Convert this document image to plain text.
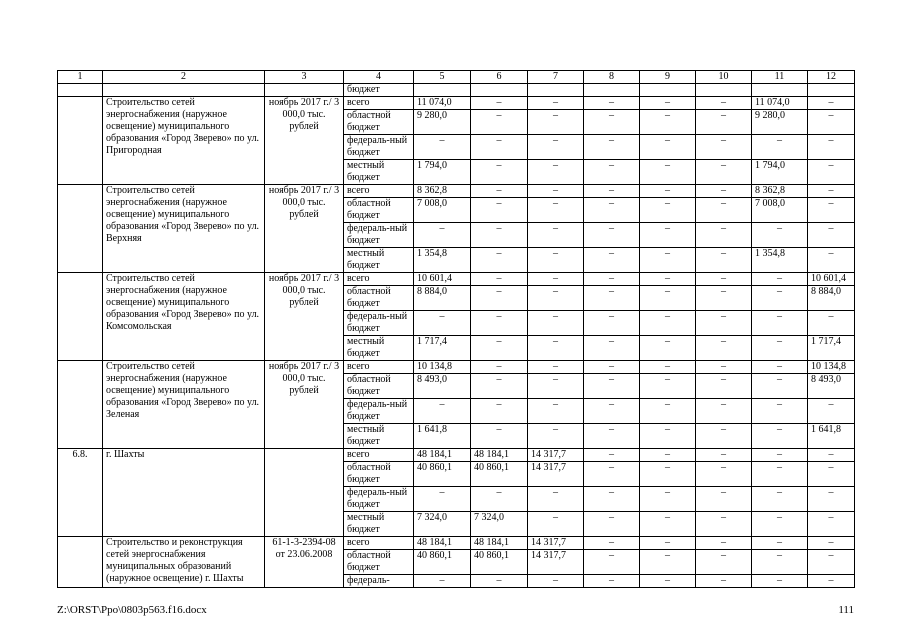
1	2	3	4	5	6	7	8	9	10	11	12
			бюджет								
	Строительство сетей энергоснабжения (наружное освещение) муниципального образования «Город Зверево» по ул. Пригородная	ноябрь 2017 г./ 3 000,0 тыс. рублей	всего	11 074,0	–	–	–	–	–	11 074,0	–
			областной бюджет	9 280,0	–	–	–	–	–	9 280,0	–
			федераль-ный бюджет	–	–	–	–	–	–	–	–
			местный бюджет	1 794,0	–	–	–	–	–	1 794,0	–
	Строительство сетей энергоснабжения (наружное освещение) муниципального образования «Город Зверево» по ул. Верхняя	ноябрь 2017 г./ 3 000,0 тыс. рублей	всего	8 362,8	–	–	–	–	–	8 362,8	–
			областной бюджет	7 008,0	–	–	–	–	–	7 008,0	–
			федераль-ный бюджет	–	–	–	–	–	–	–	–
			местный бюджет	1 354,8	–	–	–	–	–	1 354,8	–
	Строительство сетей энергоснабжения (наружное освещение) муниципального образования «Город Зверево» по ул. Комсомольская	ноябрь 2017 г./ 3 000,0 тыс. рублей	всего	10 601,4	–	–	–	–	–	–	10 601,4
			областной бюджет	8 884,0	–	–	–	–	–	–	8 884,0
			федераль-ный бюджет	–	–	–	–	–	–	–	–
			местный бюджет	1 717,4	–	–	–	–	–	–	1 717,4
	Строительство сетей энергоснабжения (наружное освещение) муниципального образования «Город Зверево» по ул. Зеленая	ноябрь 2017 г./ 3 000,0 тыс. рублей	всего	10 134,8	–	–	–	–	–	–	10 134,8
			областной бюджет	8 493,0	–	–	–	–	–	–	8 493,0
			федераль-ный бюджет	–	–	–	–	–	–	–	–
			местный бюджет	1 641,8	–	–	–	–	–	–	1 641,8
6.8.	г. Шахты		всего	48 184,1	48 184,1	14 317,7	–	–	–	–	–
			областной бюджет	40 860,1	40 860,1	14 317,7	–	–	–	–	–
			федераль-ный бюджет	–	–	–	–	–	–	–	–
			местный бюджет	7 324,0	7 324,0	–	–	–	–	–	–
	Строительство и реконструкция сетей энергоснабжения муниципальных образований (наружное освещение) г. Шахты	61-1-3-2394-08 от 23.06.2008	всего	48 184,1	48 184,1	14 317,7	–	–	–	–	–
			областной бюджет	40 860,1	40 860,1	14 317,7	–	–	–	–	–
			федераль-	–	–	–	–	–	–	–	–
Z:\ORST\Ppo\0803p563.f16.docx	111
